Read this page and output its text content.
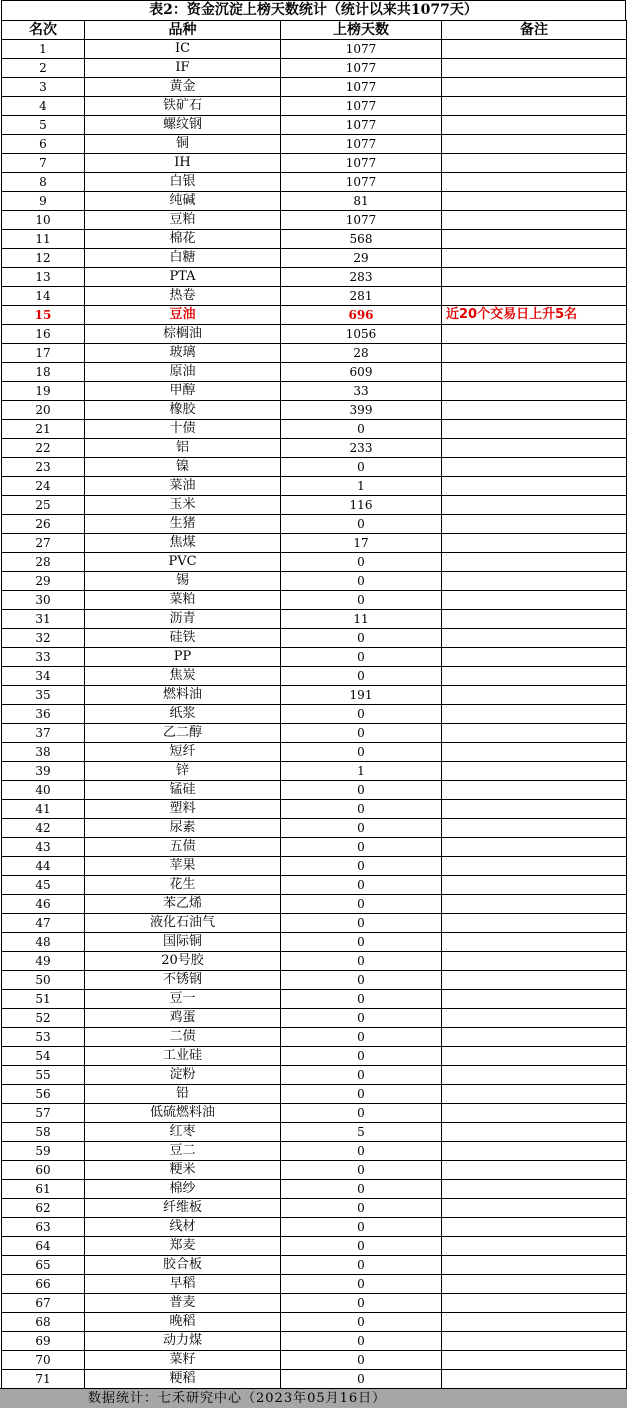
表2：资金沉淀上榜天数统计（统计以来共1077天）
名次	品种	上榜天数	备注
1	IC	1077	
2	IF	1077	
3	黄金	1077	
4	铁矿石	1077	
5	螺纹钢	1077	
6	铜	1077	
7	IH	1077	
8	白银	1077	
9	纯碱	81	
10	豆粕	1077	
11	棉花	568	
12	白糖	29	
13	PTA	283	
14	热卷	281	
15	豆油	696	近20个交易日上升5名
16	棕榈油	1056	
17	玻璃	28	
18	原油	609	
19	甲醇	33	
20	橡胶	399	
21	十债	0	
22	铝	233	
23	镍	0	
24	菜油	1	
25	玉米	116	
26	生猪	0	
27	焦煤	17	
28	PVC	0	
29	锡	0	
30	菜粕	0	
31	沥青	11	
32	硅铁	0	
33	PP	0	
34	焦炭	0	
35	燃料油	191	
36	纸浆	0	
37	乙二醇	0	
38	短纤	0	
39	锌	1	
40	锰硅	0	
41	塑料	0	
42	尿素	0	
43	五债	0	
44	苹果	0	
45	花生	0	
46	苯乙烯	0	
47	液化石油气	0	
48	国际铜	0	
49	20号胶	0	
50	不锈钢	0	
51	豆一	0	
52	鸡蛋	0	
53	二债	0	
54	工业硅	0	
55	淀粉	0	
56	铅	0	
57	低硫燃料油	0	
58	红枣	5	
59	豆二	0	
60	粳米	0	
61	棉纱	0	
62	纤维板	0	
63	线材	0	
64	郑麦	0	
65	胶合板	0	
66	早稻	0	
67	普麦	0	
68	晚稻	0	
69	动力煤	0	
70	菜籽	0	
71	粳稻	0	
数据统计：七禾研究中心（2023年05月16日）
